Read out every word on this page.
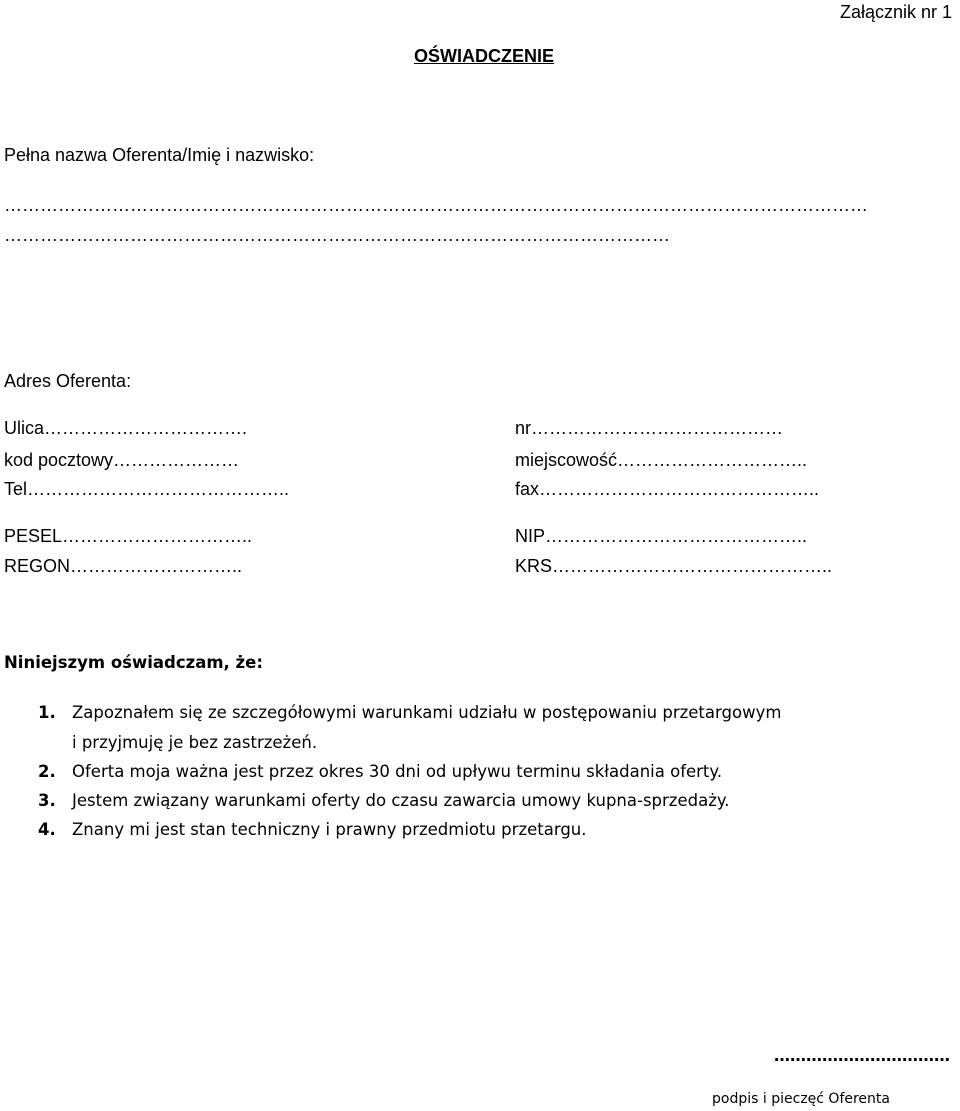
Załącznik nr 1
OŚWIADCZENIE
Pełna nazwa Oferenta/Imię i nazwisko:
………………………………………………………………………………………………………………………………
…………………………………………………………………………………………………
Adres Oferenta:
Ulica…………………………….	nr……………………………………
kod pocztowy…………………	miejscowość…………………………..
Tel……………………………………..	fax………………………………………..
PESEL…………………………..	NIP……………………………………..
REGON………………………..	KRS………………………………………..
Niniejszym oświadczam, że:
1. Zapoznałem się ze szczegółowymi warunkami udziału w postępowaniu przetargowym
i przyjmuję je bez zastrzeżeń.
2. Oferta moja ważna jest przez okres 30 dni od upływu terminu składania oferty.
3. Jestem związany warunkami oferty do czasu zawarcia umowy kupna-sprzedaży.
4. Znany mi jest stan techniczny i prawny przedmiotu przetargu.
……………………………
podpis i pieczęć Oferenta
